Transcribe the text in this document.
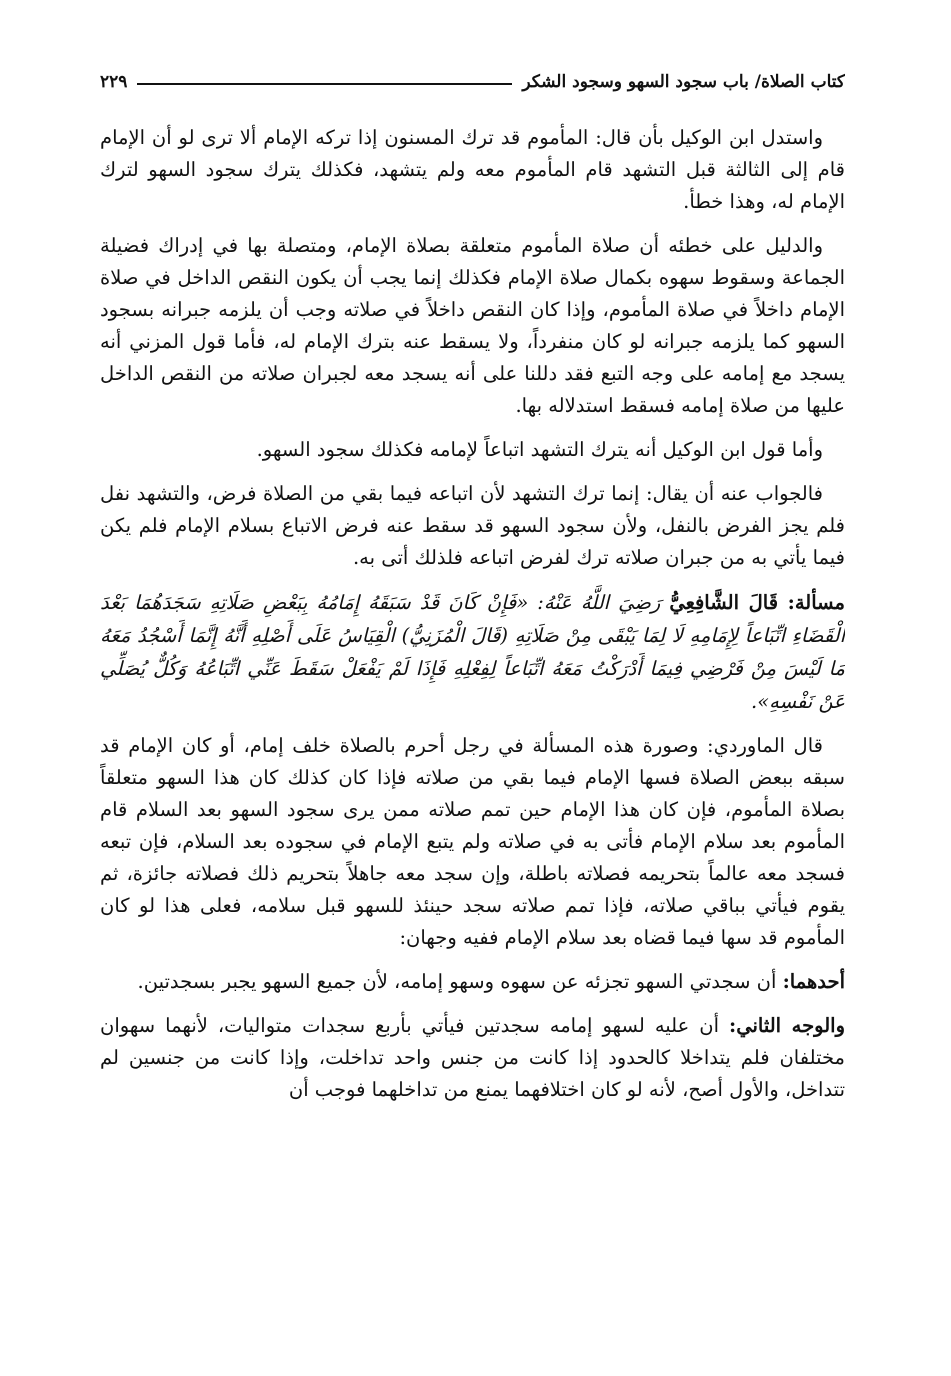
كتاب الصلاة/ باب سجود السهو وسجود الشكر
٢٢٩

واستدل ابن الوكيل بأن قال: المأموم قد ترك المسنون إذا تركه الإمام ألا ترى لو أن الإمام قام إلى الثالثة قبل التشهد قام المأموم معه ولم يتشهد، فكذلك يترك سجود السهو لترك الإمام له، وهذا خطأ.

والدليل على خطئه أن صلاة المأموم متعلقة بصلاة الإمام، ومتصلة بها في إدراك فضيلة الجماعة وسقوط سهوه بكمال صلاة الإمام فكذلك إنما يجب أن يكون النقص الداخل في صلاة الإمام داخلاً في صلاة المأموم، وإذا كان النقص داخلاً في صلاته وجب أن يلزمه جبرانه بسجود السهو كما يلزمه جبرانه لو كان منفرداً، ولا يسقط عنه بترك الإمام له، فأما قول المزني أنه يسجد مع إمامه على وجه التبع فقد دللنا على أنه يسجد معه لجبران صلاته من النقص الداخل عليها من صلاة إمامه فسقط استدلاله بها.

وأما قول ابن الوكيل أنه يترك التشهد اتباعاً لإمامه فكذلك سجود السهو.

فالجواب عنه أن يقال: إنما ترك التشهد لأن اتباعه فيما بقي من الصلاة فرض، والتشهد نفل فلم يجز الفرض بالنفل، ولأن سجود السهو قد سقط عنه فرض الاتباع بسلام الإمام فلم يكن فيما يأتي به من جبران صلاته ترك لفرض اتباعه فلذلك أتى به.

مسألة: قَالَ الشَّافِعِيُّ رَضِيَ اللَّهُ عَنْهُ: «فَإِنْ كَانَ قَدْ سَبَقَهُ إِمَامُهُ بِبَعْضِ صَلَاتِهِ سَجَدَهُمَا بَعْدَ الْقَضَاءِ اتِّبَاعاً لِإِمَامِهِ لَا لِمَا يَبْقَى مِنْ صَلَاتِهِ (قَالَ الْمُزَنِيُّ) الْقِيَاسُ عَلَى أَصْلِهِ أَنَّهُ إِنَّمَا أَسْجُدُ مَعَهُ مَا لَيْسَ مِنْ فَرْضِي فِيمَا أَدْرَكْتُ مَعَهُ اتِّبَاعاً لِفِعْلِهِ فَإِذَا لَمْ يَفْعَلْ سَقَطَ عَنِّي اتِّبَاعُهُ وَكُلٌّ يُصَلِّي عَنْ نَفْسِهِ».

قال الماوردي: وصورة هذه المسألة في رجل أحرم بالصلاة خلف إمام، أو كان الإمام قد سبقه ببعض الصلاة فسها الإمام فيما بقي من صلاته فإذا كان كذلك كان هذا السهو متعلقاً بصلاة المأموم، فإن كان هذا الإمام حين تمم صلاته ممن يرى سجود السهو بعد السلام قام المأموم بعد سلام الإمام فأتى به في صلاته ولم يتبع الإمام في سجوده بعد السلام، فإن تبعه فسجد معه عالماً بتحريمه فصلاته باطلة، وإن سجد معه جاهلاً بتحريم ذلك فصلاته جائزة، ثم يقوم فيأتي بباقي صلاته، فإذا تمم صلاته سجد حينئذ للسهو قبل سلامه، فعلى هذا لو كان المأموم قد سها فيما قضاه بعد سلام الإمام ففيه وجهان:

أحدهما: أن سجدتي السهو تجزئه عن سهوه وسهو إمامه، لأن جميع السهو يجبر بسجدتين.

والوجه الثاني: أن عليه لسهو إمامه سجدتين فيأتي بأربع سجدات متواليات، لأنهما سهوان مختلفان فلم يتداخلا كالحدود إذا كانت من جنس واحد تداخلت، وإذا كانت من جنسين لم تتداخل، والأول أصح، لأنه لو كان اختلافهما يمنع من تداخلهما فوجب أن
